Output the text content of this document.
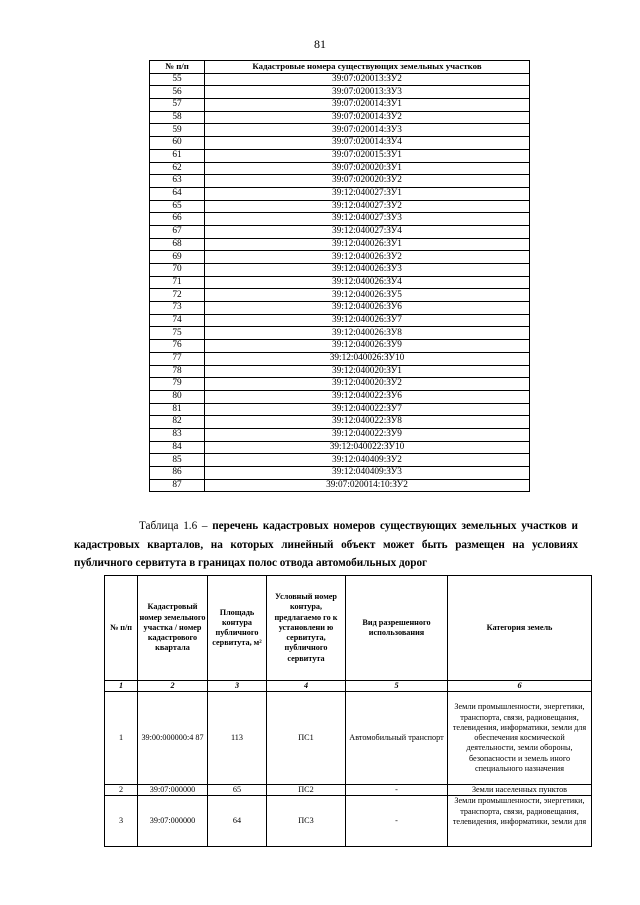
81
№ п/п	Кадастровые номера существующих земельных участков
55	39:07:020013:ЗУ2
56	39:07:020013:ЗУ3
57	39:07:020014:ЗУ1
58	39:07:020014:ЗУ2
59	39:07:020014:ЗУ3
60	39:07:020014:ЗУ4
61	39:07:020015:ЗУ1
62	39:07:020020:ЗУ1
63	39:07:020020:ЗУ2
64	39:12:040027:ЗУ1
65	39:12:040027:ЗУ2
66	39:12:040027:ЗУ3
67	39:12:040027:ЗУ4
68	39:12:040026:ЗУ1
69	39:12:040026:ЗУ2
70	39:12:040026:ЗУ3
71	39:12:040026:ЗУ4
72	39:12:040026:ЗУ5
73	39:12:040026:ЗУ6
74	39:12:040026:ЗУ7
75	39:12:040026:ЗУ8
76	39:12:040026:ЗУ9
77	39:12:040026:ЗУ10
78	39:12:040020:ЗУ1
79	39:12:040020:ЗУ2
80	39:12:040022:ЗУ6
81	39:12:040022:ЗУ7
82	39:12:040022:ЗУ8
83	39:12:040022:ЗУ9
84	39:12:040022:ЗУ10
85	39:12:040409:ЗУ2
86	39:12:040409:ЗУ3
87	39:07:020014:10:ЗУ2
Таблица 1.6 – перечень кадастровых номеров существующих земельных участков и кадастровых кварталов, на которых линейный объект может быть размещен на условиях публичного сервитута в границах полос отвода автомобильных дорог
№ п/п	Кадастровый номер земельного участка / номер кадастрового квартала	Площадь контура публичного сервитута, м²	Условный номер контура, предлагаемо го к установлени ю сервитута, публичного сервитута	Вид разрешенного использования	Категория земель
1	2	3	4	5	6
1	39:00:000000:4 87	113	ПС1	Автомобильный транспорт	Земли промышленности, энергетики, транспорта, связи, радиовещания, телевидения, информатики, земли для обеспечения космической деятельности, земли обороны, безопасности и земель иного специального назначения
2	39:07:000000	65	ПС2	-	Земли населенных пунктов
3	39:07:000000	64	ПС3	-	Земли промышленности, энергетики, транспорта, связи, радиовещания, телевидения, информатики, земли для
